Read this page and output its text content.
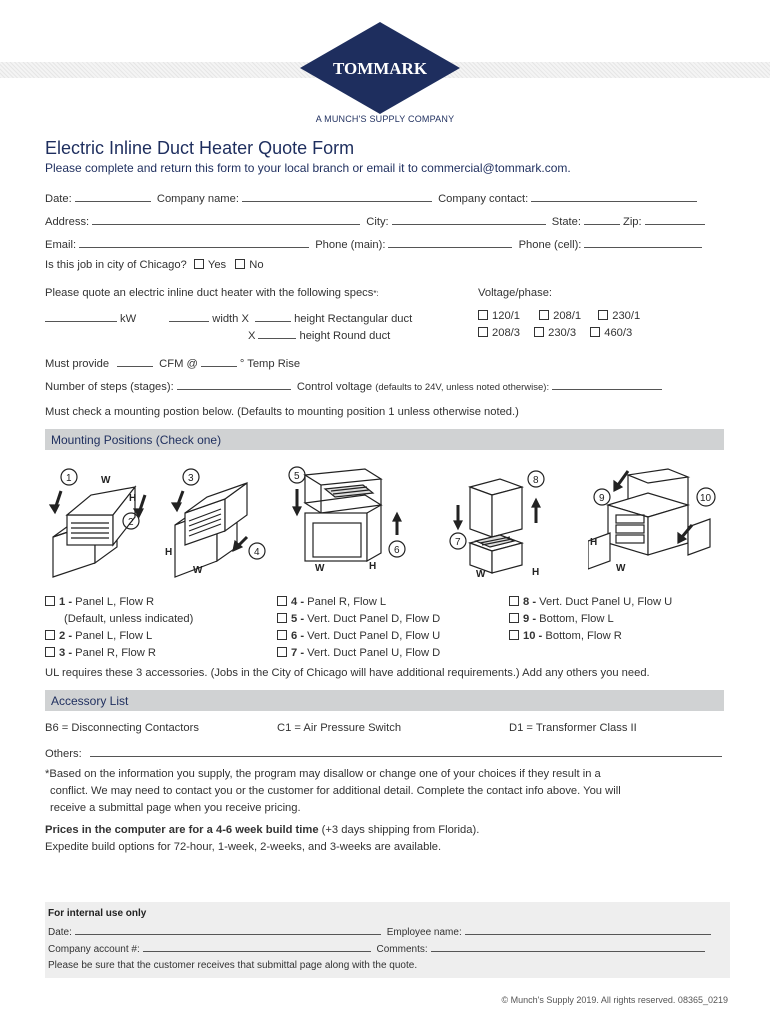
TOMMARK
A MUNCH'S SUPPLY COMPANY
Electric Inline Duct Heater Quote Form
Please complete and return this form to your local branch or email it to commercial@tommark.com.
Date:	Company name:	Company contact:
Address:	City:	State:	Zip:
Email:	Phone (main):	Phone (cell):
Is this job in city of Chicago? Yes No
Please quote an electric inline duct heater with the following specs*:	Voltage/phase:
kW	width X	height Rectangular duct
X	height Round duct
120/1	208/1	230/1
208/3	230/3	460/3
Must provide	CFM @	° Temp Rise
Number of steps (stages):	Control voltage (defaults to 24V, unless noted otherwise):
Must check a mounting postion below. (Defaults to mounting position 1 unless otherwise noted.)
Mounting Positions (Check one)
1
2
W
H
3
4
H
W
5
6
W	H
8
7
W	H
9	10
H
W
1 - Panel L, Flow R
(Default, unless indicated)
2 - Panel L, Flow L
3 - Panel R, Flow R
4 - Panel R, Flow L
5 - Vert. Duct Panel D, Flow D
6 - Vert. Duct Panel D, Flow U
7 - Vert. Duct Panel U, Flow D
8 - Vert. Duct Panel U, Flow U
9 - Bottom, Flow L
10 - Bottom, Flow R
UL requires these 3 accessories. (Jobs in the City of Chicago will have additional requirements.) Add any others you need.
Accessory List
B6 = Disconnecting Contactors	C1 = Air Pressure Switch	D1 = Transformer Class II
Others:
*Based on the information you supply, the program may disallow or change one of your choices if they result in a
conflict. We may need to contact you or the customer for additional detail. Complete the contact info above. You will
receive a submittal page when you receive pricing.
Prices in the computer are for a 4-6 week build time (+3 days shipping from Florida).
Expedite build options for 72-hour, 1-week, 2-weeks, and 3-weeks are available.
For internal use only
Date:	Employee name:
Company account #:	Comments:
Please be sure that the customer receives that submittal page along with the quote.
© Munch's Supply 2019. All rights reserved. 08365_0219
